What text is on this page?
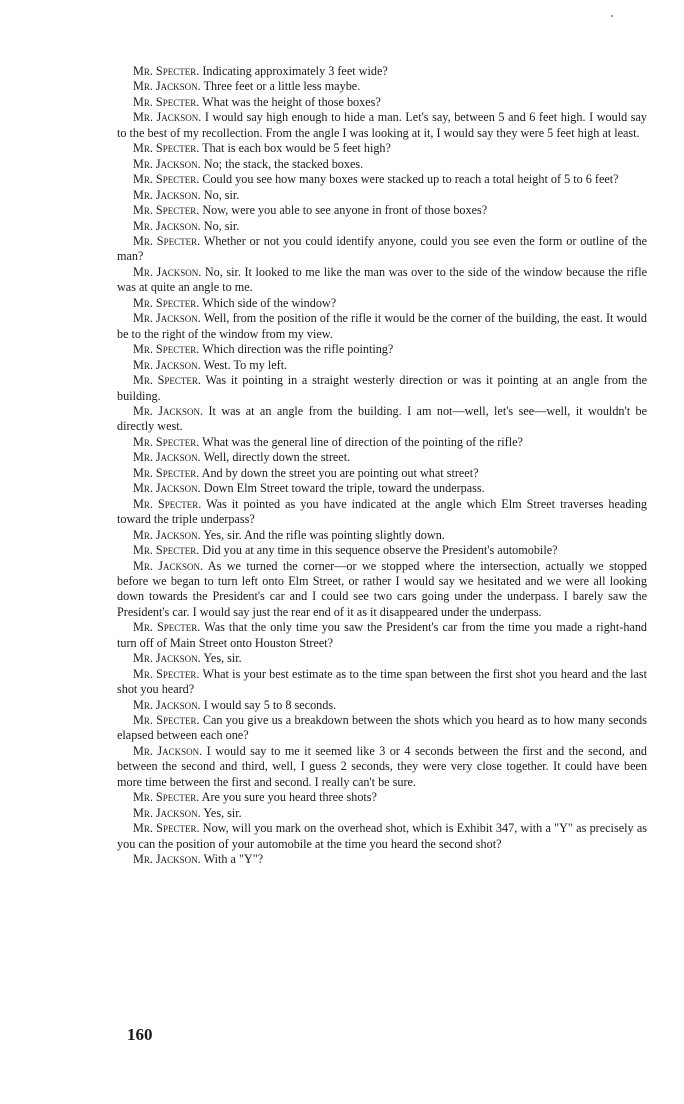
Mr. Specter. Indicating approximately 3 feet wide?

Mr. Jackson. Three feet or a little less maybe.

Mr. Specter. What was the height of those boxes?

Mr. Jackson. I would say high enough to hide a man. Let's say, between 5 and 6 feet high. I would say to the best of my recollection. From the angle I was looking at it, I would say they were 5 feet high at least.

Mr. Specter. That is each box would be 5 feet high?

Mr. Jackson. No; the stack, the stacked boxes.

Mr. Specter. Could you see how many boxes were stacked up to reach a total height of 5 to 6 feet?

Mr. Jackson. No, sir.

Mr. Specter. Now, were you able to see anyone in front of those boxes?

Mr. Jackson. No, sir.

Mr. Specter. Whether or not you could identify anyone, could you see even the form or outline of the man?

Mr. Jackson. No, sir. It looked to me like the man was over to the side of the window because the rifle was at quite an angle to me.

Mr. Specter. Which side of the window?

Mr. Jackson. Well, from the position of the rifle it would be the corner of the building, the east. It would be to the right of the window from my view.

Mr. Specter. Which direction was the rifle pointing?

Mr. Jackson. West. To my left.

Mr. Specter. Was it pointing in a straight westerly direction or was it pointing at an angle from the building.

Mr. Jackson. It was at an angle from the building. I am not—well, let's see—well, it wouldn't be directly west.

Mr. Specter. What was the general line of direction of the pointing of the rifle?

Mr. Jackson. Well, directly down the street.

Mr. Specter. And by down the street you are pointing out what street?

Mr. Jackson. Down Elm Street toward the triple, toward the underpass.

Mr. Specter. Was it pointed as you have indicated at the angle which Elm Street traverses heading toward the triple underpass?

Mr. Jackson. Yes, sir. And the rifle was pointing slightly down.

Mr. Specter. Did you at any time in this sequence observe the President's automobile?

Mr. Jackson. As we turned the corner—or we stopped where the intersection, actually we stopped before we began to turn left onto Elm Street, or rather I would say we hesitated and we were all looking down towards the President's car and I could see two cars going under the underpass. I barely saw the President's car. I would say just the rear end of it as it disappeared under the underpass.

Mr. Specter. Was that the only time you saw the President's car from the time you made a right-hand turn off of Main Street onto Houston Street?

Mr. Jackson. Yes, sir.

Mr. Specter. What is your best estimate as to the time span between the first shot you heard and the last shot you heard?

Mr. Jackson. I would say 5 to 8 seconds.

Mr. Specter. Can you give us a breakdown between the shots which you heard as to how many seconds elapsed between each one?

Mr. Jackson. I would say to me it seemed like 3 or 4 seconds between the first and the second, and between the second and third, well, I guess 2 seconds, they were very close together. It could have been more time between the first and second. I really can't be sure.

Mr. Specter. Are you sure you heard three shots?

Mr. Jackson. Yes, sir.

Mr. Specter. Now, will you mark on the overhead shot, which is Exhibit 347, with a "Y" as precisely as you can the position of your automobile at the time you heard the second shot?

Mr. Jackson. With a "Y"?

160
